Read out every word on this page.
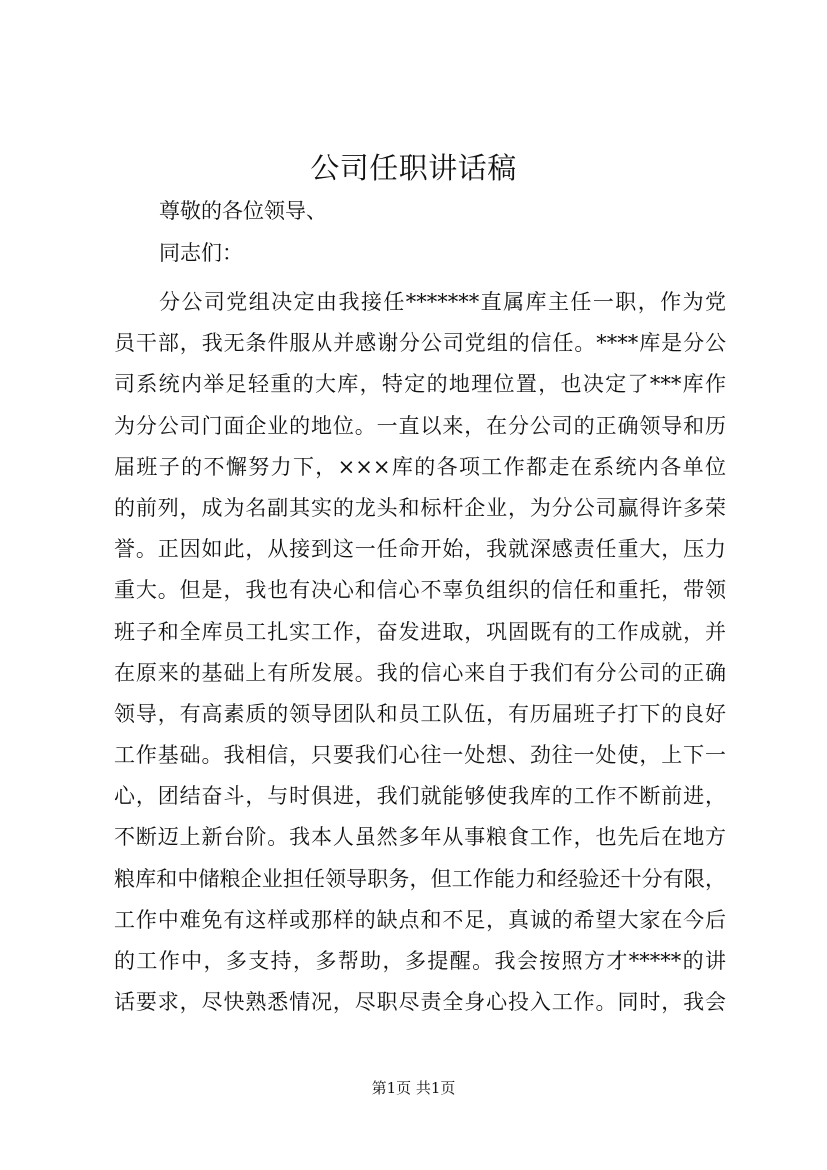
公司任职讲话稿
尊敬的各位领导、
同志们：
分公司党组决定由我接任*******直属库主任一职，作为党
员干部，我无条件服从并感谢分公司党组的信任。****库是分公
司系统内举足轻重的大库，特定的地理位置，也决定了***库作
为分公司门面企业的地位。一直以来，在分公司的正确领导和历
届班子的不懈努力下，×××库的各项工作都走在系统内各单位
的前列，成为名副其实的龙头和标杆企业，为分公司赢得许多荣
誉。正因如此，从接到这一任命开始，我就深感责任重大，压力
重大。但是，我也有决心和信心不辜负组织的信任和重托，带领
班子和全库员工扎实工作，奋发进取，巩固既有的工作成就，并
在原来的基础上有所发展。我的信心来自于我们有分公司的正确
领导，有高素质的领导团队和员工队伍，有历届班子打下的良好
工作基础。我相信，只要我们心往一处想、劲往一处使，上下一
心，团结奋斗，与时俱进，我们就能够使我库的工作不断前进，
不断迈上新台阶。我本人虽然多年从事粮食工作，也先后在地方
粮库和中储粮企业担任领导职务，但工作能力和经验还十分有限，
工作中难免有这样或那样的缺点和不足，真诚的希望大家在今后
的工作中，多支持，多帮助，多提醒。我会按照方才*****的讲
话要求，尽快熟悉情况，尽职尽责全身心投入工作。同时，我会
第1页 共1页
